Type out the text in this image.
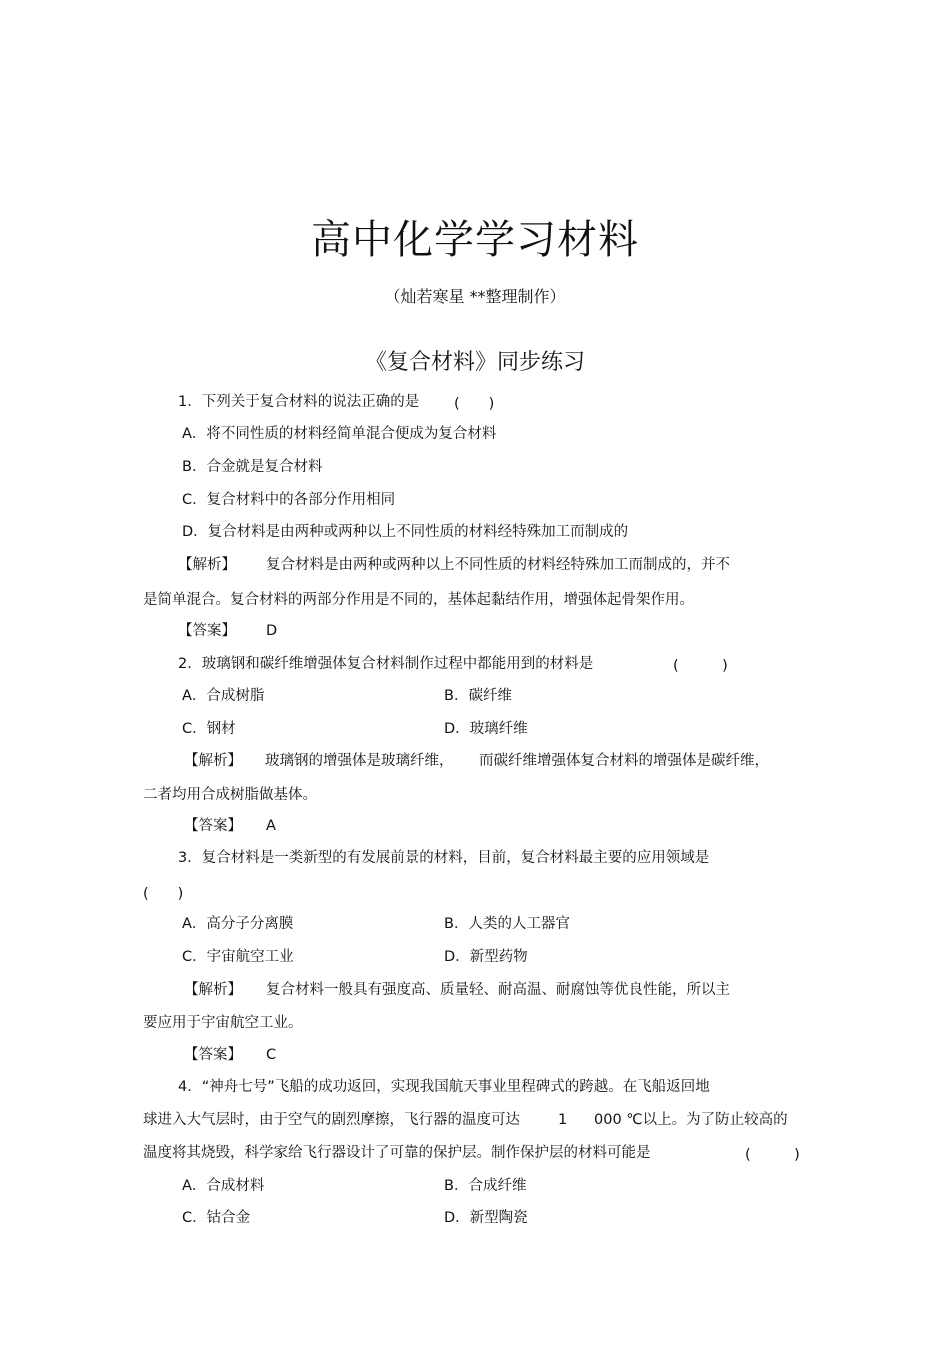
高中化学学习材料
（灿若寒星 **整理制作）
《复合材料》同步练习
1．下列关于复合材料的说法正确的是 (　　)
A．将不同性质的材料经简单混合便成为复合材料
B．合金就是复合材料
C．复合材料中的各部分作用相同
D．复合材料是由两种或两种以上不同性质的材料经特殊加工而制成的
【解析】 复合材料是由两种或两种以上不同性质的材料经特殊加工而制成的，并不
是简单混合。复合材料的两部分作用是不同的，基体起黏结作用，增强体起骨架作用。
【答案】 D
2．玻璃钢和碳纤维增强体复合材料制作过程中都能用到的材料是	(　　　)
A．合成树脂	B．碳纤维
C．钢材	D．玻璃纤维
【解析】 玻璃钢的增强体是玻璃纤维， 而碳纤维增强体复合材料的增强体是碳纤维，
二者均用合成树脂做基体。
【答案】 A
3．复合材料是一类新型的有发展前景的材料，目前，复合材料最主要的应用领域是
(　　)
A．高分子分离膜	B．人类的人工器官
C．宇宙航空工业	D．新型药物
【解析】 复合材料一般具有强度高、质量轻、耐高温、耐腐蚀等优良性能，所以主
要应用于宇宙航空工业。
【答案】 C
4．“神舟七号”飞船的成功返回，实现我国航天事业里程碑式的跨越。在飞船返回地
球进入大气层时，由于空气的剧烈摩擦，飞行器的温度可达	1 000 ℃以上。为了防止较高的
温度将其烧毁，科学家给飞行器设计了可靠的保护层。制作保护层的材料可能是	(　　　)
A．合成材料	B．合成纤维
C．钴合金	D．新型陶瓷
